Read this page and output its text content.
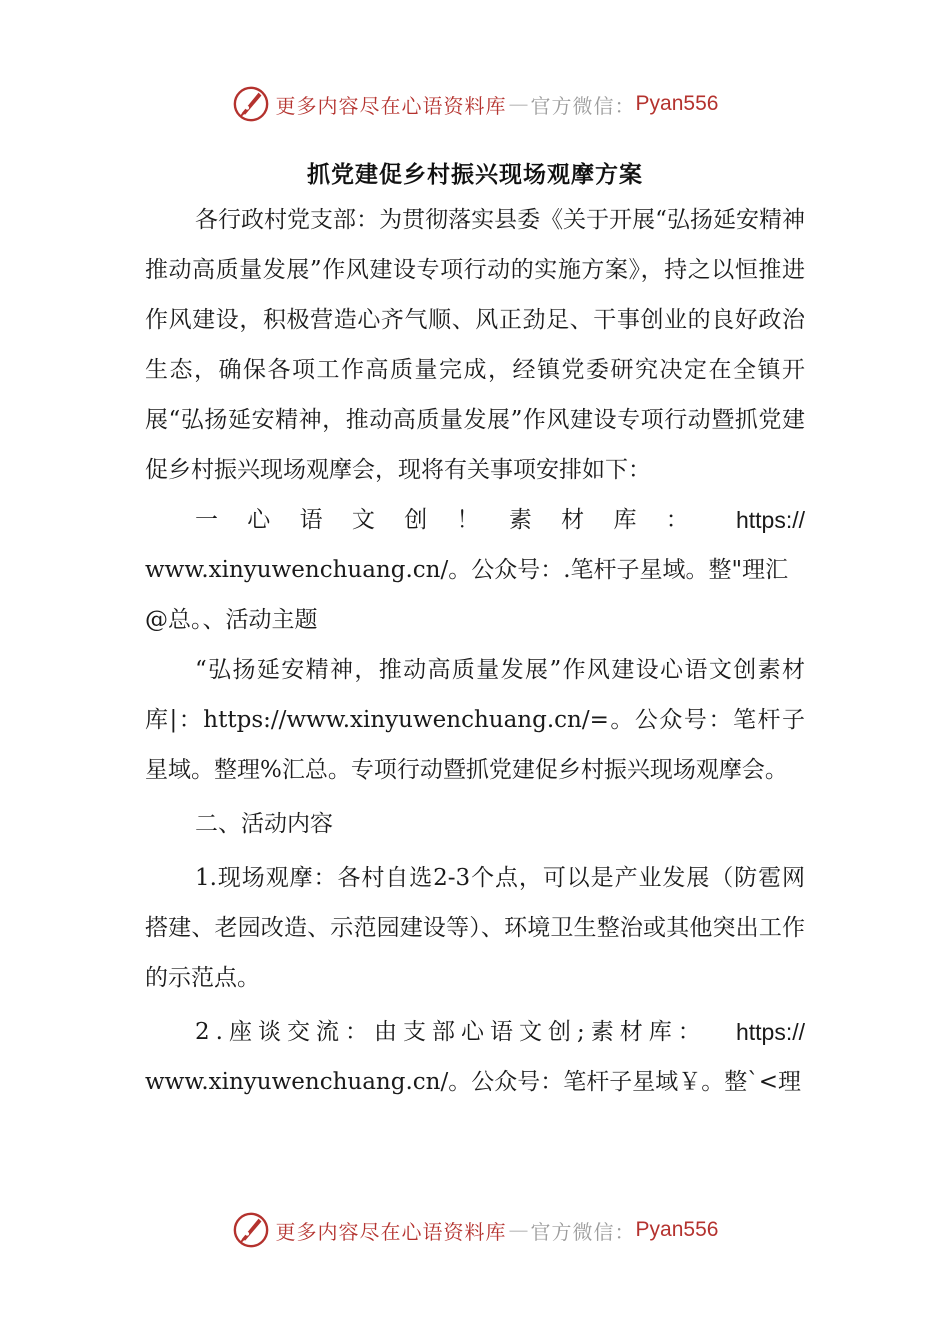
更多内容尽在心语资料库 — 官方微信： Pyan556
抓党建促乡村振兴现场观摩方案

各行政村党支部：为贯彻落实县委《关于开展“弘扬延安精神推动高质量发展”作风建设专项行动的实施方案》，持之以恒推进作风建设，积极营造心齐气顺、风正劲足、干事创业的良好政治生态，确保各项工作高质量完成，经镇党委研究决定在全镇开展“弘扬延安精神，推动高质量发展”作风建设专项行动暨抓党建促乡村振兴现场观摩会，现将有关事项安排如下：

一 心 语 文 创 ！ 素 材 库 ：	https://

www.xinyuwenchuang.cn/。公众号：.笔杆子星域。整"理汇@总。、活动主题

“弘扬延安精神，推动高质量发展”作风建设心语文创素材库|：https://www.xinyuwenchuang.cn/=。公众号：笔杆子星域。整理%汇总。专项行动暨抓党建促乡村振兴现场观摩会。

二、活动内容

1.现场观摩：各村自选2-3个点，可以是产业发展（防雹网搭建、老园改造、示范园建设等）、环境卫生整治或其他突出工作的示范点。

2.座谈交流：由支部心语文创;素材库：	https://

www.xinyuwenchuang.cn/。公众号：笔杆子星域￥。整`<理

更多内容尽在心语资料库 — 官方微信： Pyan556
